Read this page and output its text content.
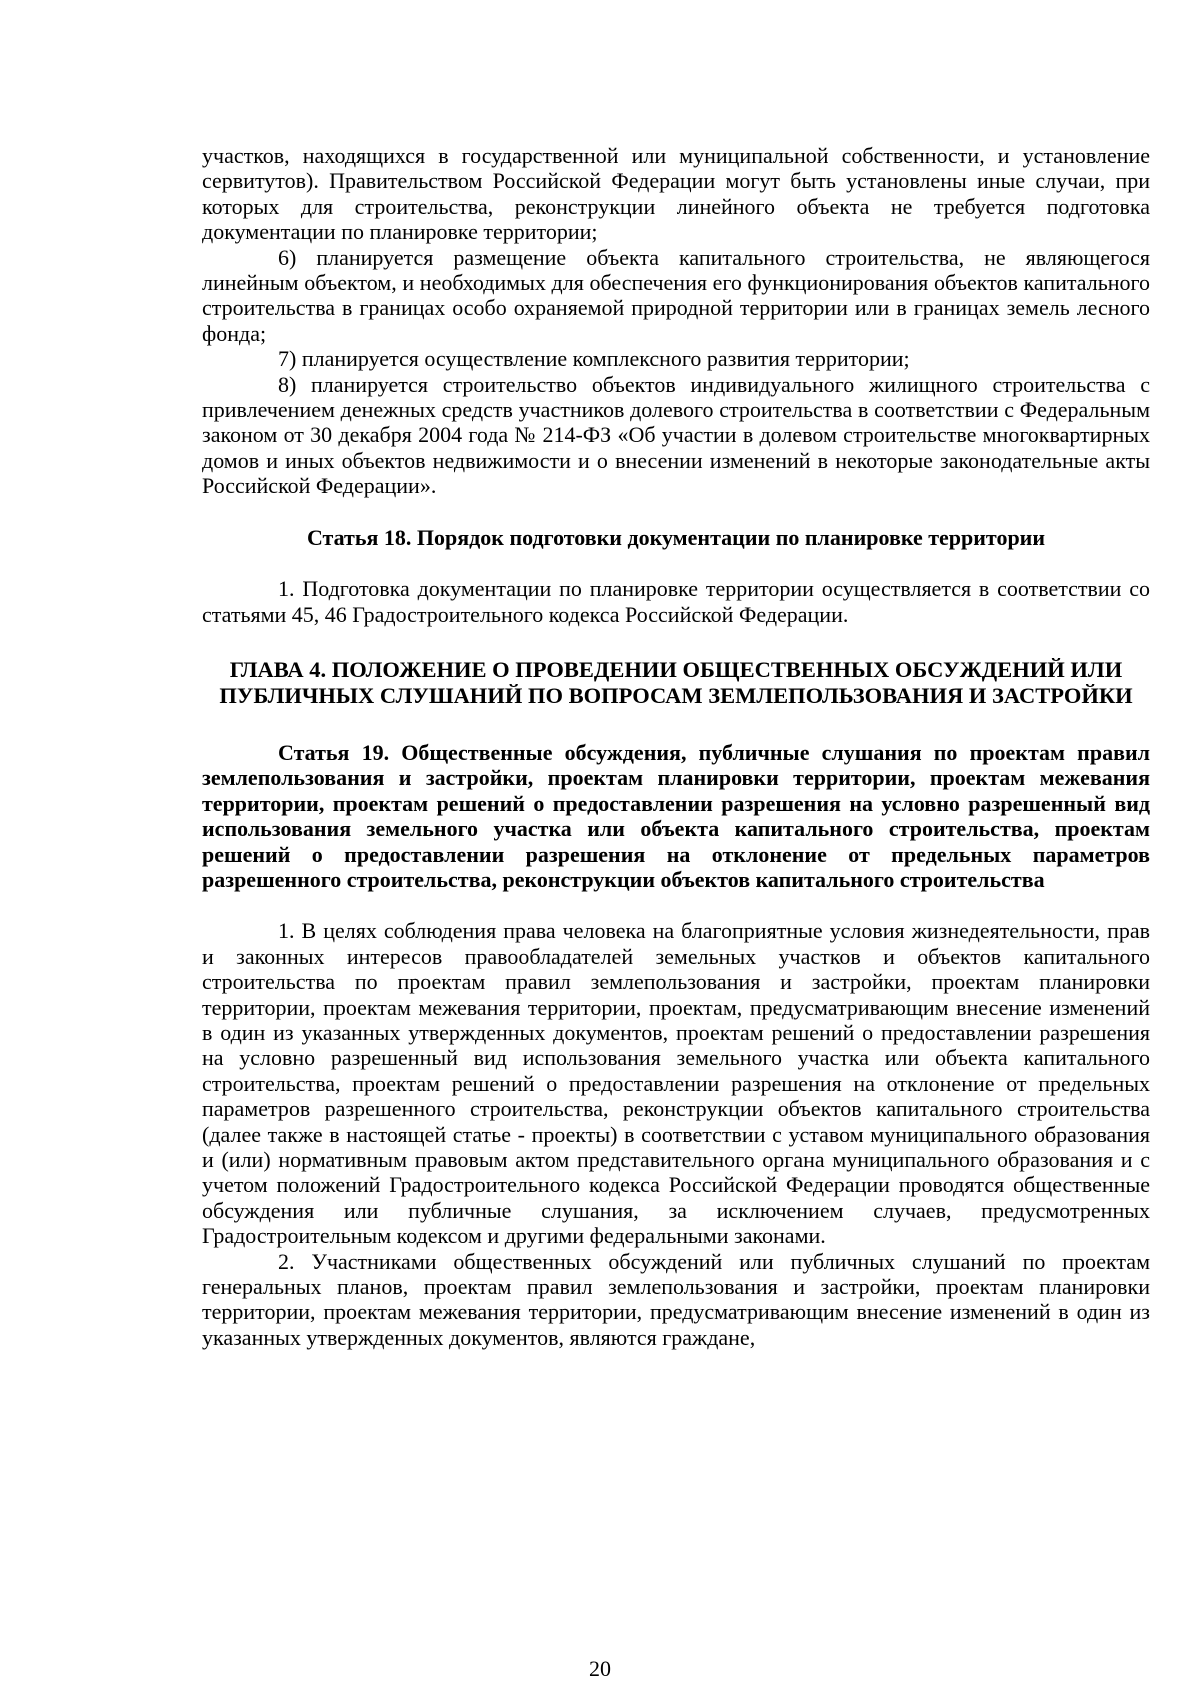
участков, находящихся в государственной или муниципальной собственности, и установление сервитутов). Правительством Российской Федерации могут быть установлены иные случаи, при которых для строительства, реконструкции линейного объекта не требуется подготовка документации по планировке территории;

6) планируется размещение объекта капитального строительства, не являющегося линейным объектом, и необходимых для обеспечения его функционирования объектов капитального строительства в границах особо охраняемой природной территории или в границах земель лесного фонда;

7) планируется осуществление комплексного развития территории;

8) планируется строительство объектов индивидуального жилищного строительства с привлечением денежных средств участников долевого строительства в соответствии с Федеральным законом от 30 декабря 2004 года № 214-ФЗ «Об участии в долевом строительстве многоквартирных домов и иных объектов недвижимости и о внесении изменений в некоторые законодательные акты Российской Федерации».

Статья 18. Порядок подготовки документации по планировке территории

1. Подготовка документации по планировке территории осуществляется в соответствии со статьями 45, 46 Градостроительного кодекса Российской Федерации.

ГЛАВА 4. ПОЛОЖЕНИЕ О ПРОВЕДЕНИИ ОБЩЕСТВЕННЫХ ОБСУЖДЕНИЙ ИЛИ ПУБЛИЧНЫХ СЛУШАНИЙ ПО ВОПРОСАМ ЗЕМЛЕПОЛЬЗОВАНИЯ И ЗАСТРОЙКИ

Статья 19. Общественные обсуждения, публичные слушания по проектам правил землепользования и застройки, проектам планировки территории, проектам межевания территории, проектам решений о предоставлении разрешения на условно разрешенный вид использования земельного участка или объекта капитального строительства, проектам решений о предоставлении разрешения на отклонение от предельных параметров разрешенного строительства, реконструкции объектов капитального строительства

1. В целях соблюдения права человека на благоприятные условия жизнедеятельности, прав и законных интересов правообладателей земельных участков и объектов капитального строительства по проектам правил землепользования и застройки, проектам планировки территории, проектам межевания территории, проектам, предусматривающим внесение изменений в один из указанных утвержденных документов, проектам решений о предоставлении разрешения на условно разрешенный вид использования земельного участка или объекта капитального строительства, проектам решений о предоставлении разрешения на отклонение от предельных параметров разрешенного строительства, реконструкции объектов капитального строительства (далее также в настоящей статье - проекты) в соответствии с уставом муниципального образования и (или) нормативным правовым актом представительного органа муниципального образования и с учетом положений Градостроительного кодекса Российской Федерации проводятся общественные обсуждения или публичные слушания, за исключением случаев, предусмотренных Градостроительным кодексом и другими федеральными законами.

2. Участниками общественных обсуждений или публичных слушаний по проектам генеральных планов, проектам правил землепользования и застройки, проектам планировки территории, проектам межевания территории, предусматривающим внесение изменений в один из указанных утвержденных документов, являются граждане,

20
